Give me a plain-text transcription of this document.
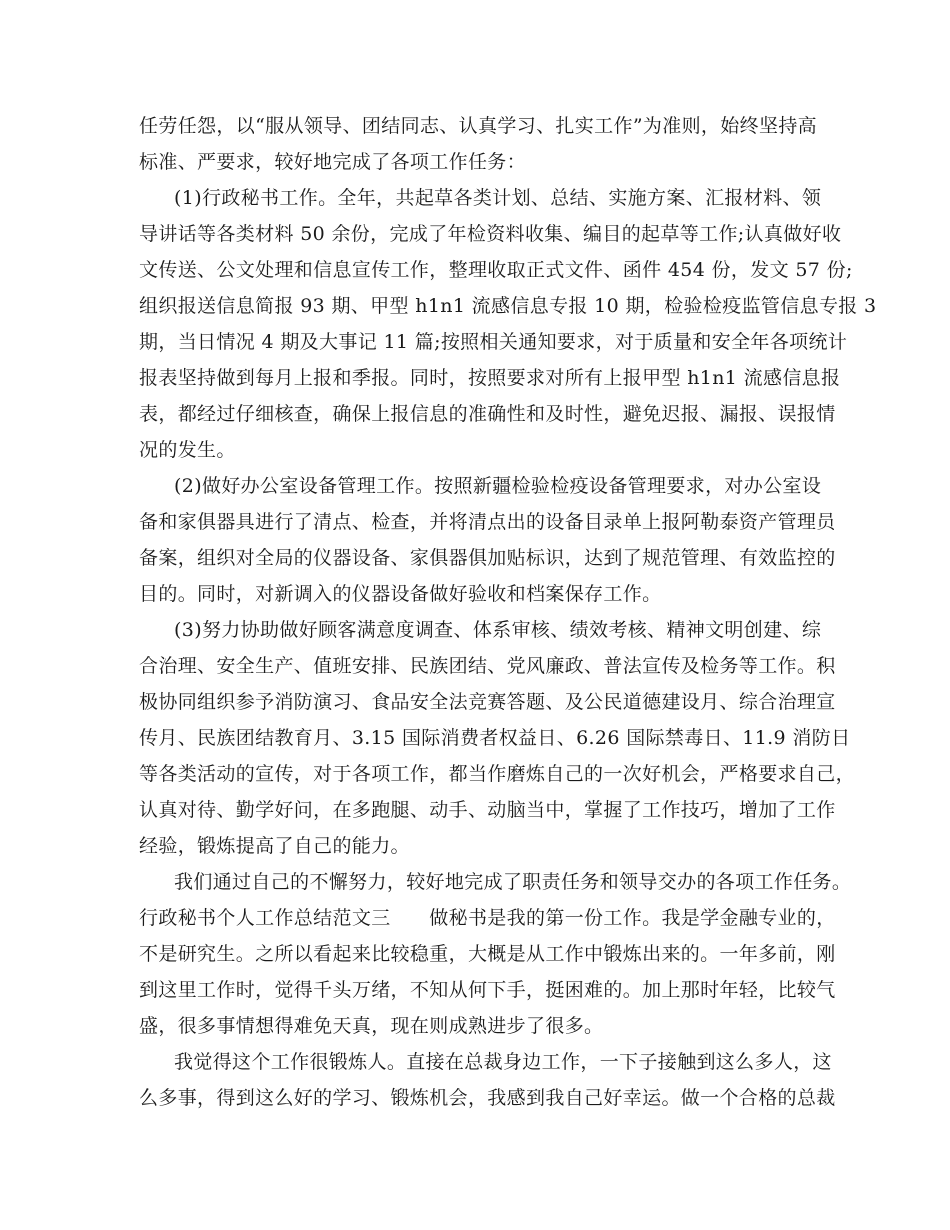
任劳任怨，以“服从领导、团结同志、认真学习、扎实工作”为准则，始终坚持高
标准、严要求，较好地完成了各项工作任务：
(1)行政秘书工作。全年，共起草各类计划、总结、实施方案、汇报材料、领
导讲话等各类材料 50 余份，完成了年检资料收集、编目的起草等工作;认真做好收
文传送、公文处理和信息宣传工作，整理收取正式文件、函件 454 份，发文 57 份;
组织报送信息简报 93 期、甲型 h1n1 流感信息专报 10 期，检验检疫监管信息专报 3
期，当日情况 4 期及大事记 11 篇;按照相关通知要求，对于质量和安全年各项统计
报表坚持做到每月上报和季报。同时，按照要求对所有上报甲型 h1n1 流感信息报
表，都经过仔细核查，确保上报信息的准确性和及时性，避免迟报、漏报、误报情
况的发生。
(2)做好办公室设备管理工作。按照新疆检验检疫设备管理要求，对办公室设
备和家俱器具进行了清点、检查，并将清点出的设备目录单上报阿勒泰资产管理员
备案，组织对全局的仪器设备、家俱器俱加贴标识，达到了规范管理、有效监控的
目的。同时，对新调入的仪器设备做好验收和档案保存工作。
(3)努力协助做好顾客满意度调查、体系审核、绩效考核、精神文明创建、综
合治理、安全生产、值班安排、民族团结、党风廉政、普法宣传及检务等工作。积
极协同组织参予消防演习、食品安全法竞赛答题、及公民道德建设月、综合治理宣
传月、民族团结教育月、3.15 国际消费者权益日、6.26 国际禁毒日、11.9 消防日
等各类活动的宣传，对于各项工作，都当作磨炼自己的一次好机会，严格要求自己，
认真对待、勤学好问，在多跑腿、动手、动脑当中，掌握了工作技巧，增加了工作
经验，锻炼提高了自己的能力。
我们通过自己的不懈努力，较好地完成了职责任务和领导交办的各项工作任务。
行政秘书个人工作总结范文三　　做秘书是我的第一份工作。我是学金融专业的，
不是研究生。之所以看起来比较稳重，大概是从工作中锻炼出来的。一年多前，刚
到这里工作时，觉得千头万绪，不知从何下手，挺困难的。加上那时年轻，比较气
盛，很多事情想得难免天真，现在则成熟进步了很多。
我觉得这个工作很锻炼人。直接在总裁身边工作，一下子接触到这么多人，这
么多事，得到这么好的学习、锻炼机会，我感到我自己好幸运。做一个合格的总裁
